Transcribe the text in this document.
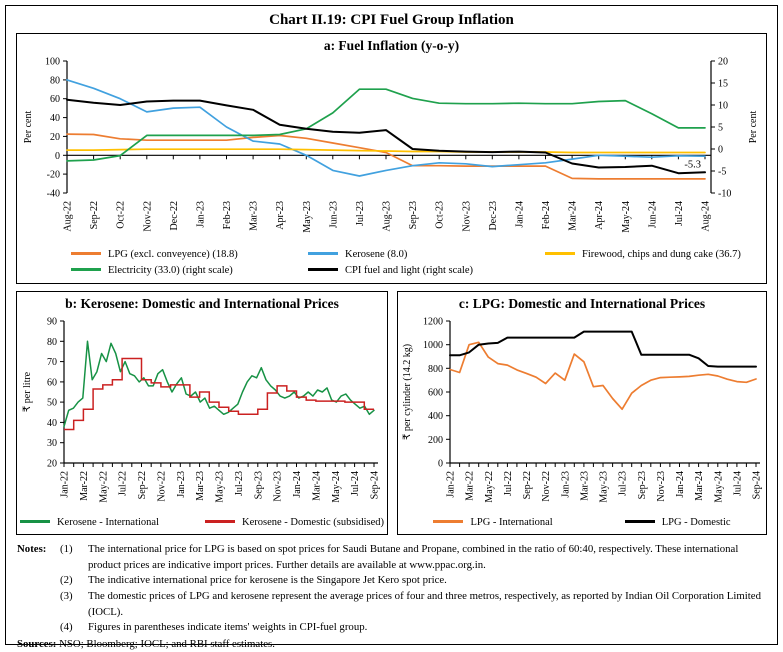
Chart II.19: CPI Fuel Group Inflation
a: Fuel Inflation (y-o-y)
-40
-20
0
20
40
60
80
100
Per cent
-10
-5
0
5
10
15
20
Per cent
Aug-22 Sep-22 Oct-22 Nov-22 Dec-22 Jan-23 Feb-23 Mar-23 Apr-23 May-23 Jun-23 Jul-23 Aug-23 Sep-23 Oct-23 Nov-23 Dec-23 Jan-24 Feb-24 Mar-24 Apr-24 May-24 Jun-24 Jul-24 Aug-24
-5.3
LPG (excl. conveyence) (18.8)	Kerosene (8.0)	Firewood, chips and dung cake (36.7)
Electricity (33.0) (right scale)	CPI fuel and light (right scale)
b: Kerosene: Domestic and International Prices
20
30
40
50
60
70
80
90
₹ per litre
Jan-22 Mar-22 May-22 Jul-22 Sep-22 Nov-22 Jan-23 Mar-23 May-23 Jul-23 Sep-23 Nov-23 Jan-24 Mar-24 May-24 Jul-24 Sep-24
Kerosene - International	Kerosene - Domestic (subsidised)
c: LPG: Domestic and International Prices
0
200
400
600
800
1000
1200
₹ per cylinder (14.2 kg)
Jan-22 Mar-22 May-22 Jul-22 Sep-22 Nov-22 Jan-23 Mar-23 May-23 Jul-23 Sep-23 Nov-23 Jan-24 Mar-24 May-24 Jul-24 Sep-24
LPG - International	LPG - Domestic
Notes:	(1)	The international price for LPG is based on spot prices for Saudi Butane and Propane, combined in the ratio of 60:40, respectively. These international product prices are indicative import prices. Further details are available at www.ppac.org.in.
(2)	The indicative international price for kerosene is the Singapore Jet Kero spot price.
(3)	The domestic prices of LPG and kerosene represent the average prices of four and three metros, respectively, as reported by Indian Oil Corporation Limited (IOCL).
(4)	Figures in parentheses indicate items' weights in CPI-fuel group.
Sources: NSO; Bloomberg; IOCL; and RBI staff estimates.
